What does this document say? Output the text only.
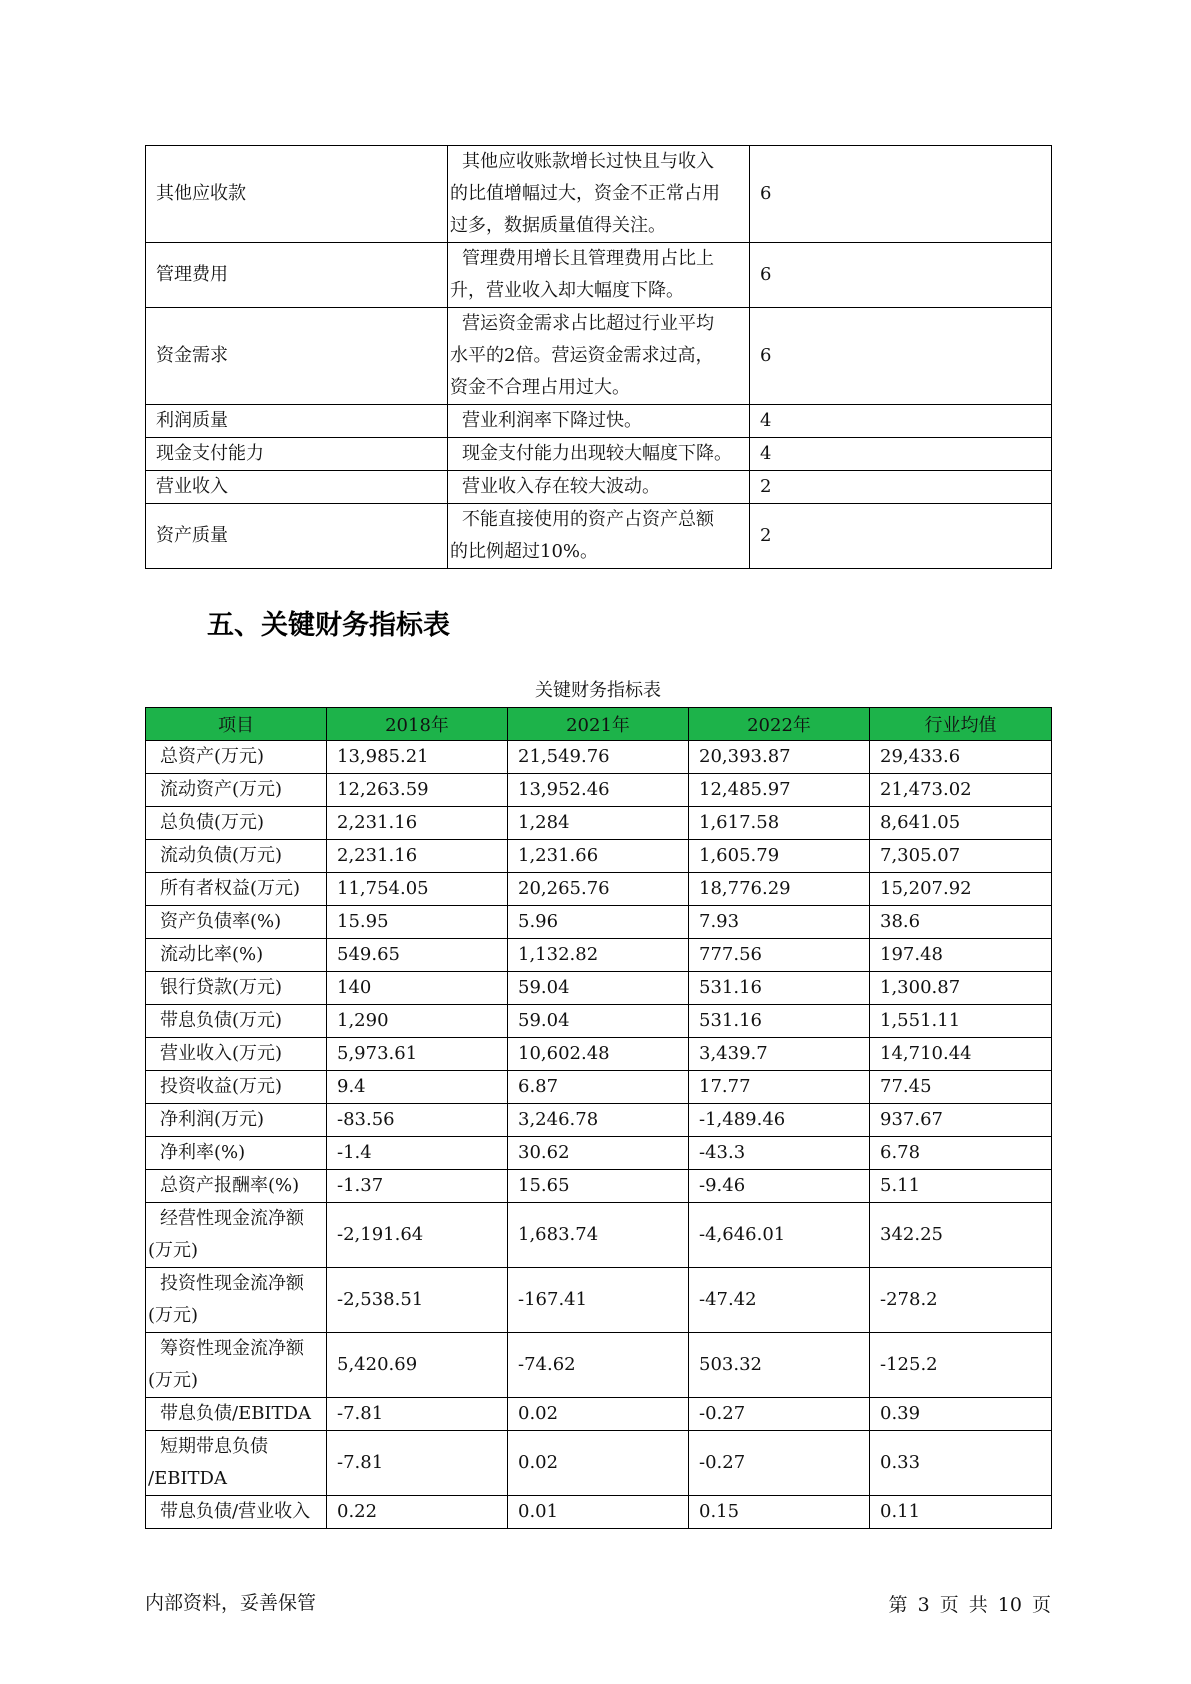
其他应收款	其他应收账款增长过快且与收入
的比值增幅过大，资金不正常占用
过多，数据质量值得关注。	6
管理费用	管理费用增长且管理费用占比上
升，营业收入却大幅度下降。	6
资金需求	营运资金需求占比超过行业平均
水平的2倍。营运资金需求过高，
资金不合理占用过大。	6
利润质量	营业利润率下降过快。	4
现金支付能力	现金支付能力出现较大幅度下降。	4
营业收入	营业收入存在较大波动。	2
资产质量	不能直接使用的资产占资产总额
的比例超过10%。	2
五、关键财务指标表
关键财务指标表
项目	2018年	2021年	2022年	行业均值

总资产(万元)	13,985.21	21,549.76	20,393.87	29,433.6

流动资产(万元)	12,263.59	13,952.46	12,485.97	21,473.02

总负债(万元)	2,231.16	1,284	1,617.58	8,641.05

流动负债(万元)	2,231.16	1,231.66	1,605.79	7,305.07

所有者权益(万元)	11,754.05	20,265.76	18,776.29	15,207.92

资产负债率(%)	15.95	5.96	7.93	38.6

流动比率(%)	549.65	1,132.82	777.56	197.48

银行贷款(万元)	140	59.04	531.16	1,300.87

带息负债(万元)	1,290	59.04	531.16	1,551.11

营业收入(万元)	5,973.61	10,602.48	3,439.7	14,710.44

投资收益(万元)	9.4	6.87	17.77	77.45

净利润(万元)	-83.56	3,246.78	-1,489.46	937.67

净利率(%)	-1.4	30.62	-43.3	6.78

总资产报酬率(%)	-1.37	15.65	-9.46	5.11

经营性现金流净额
(万元)	-2,191.64	1,683.74	-4,646.01	342.25

投资性现金流净额
(万元)	-2,538.51	-167.41	-47.42	-278.2

筹资性现金流净额
(万元)	5,420.69	-74.62	503.32	-125.2

带息负债/EBITDA	-7.81	0.02	-0.27	0.39

短期带息负债
/EBITDA	-7.81	0.02	-0.27	0.33

带息负债/营业收入	0.22	0.01	0.15	0.11
内部资料，妥善保管	第 3 页 共 10 页
